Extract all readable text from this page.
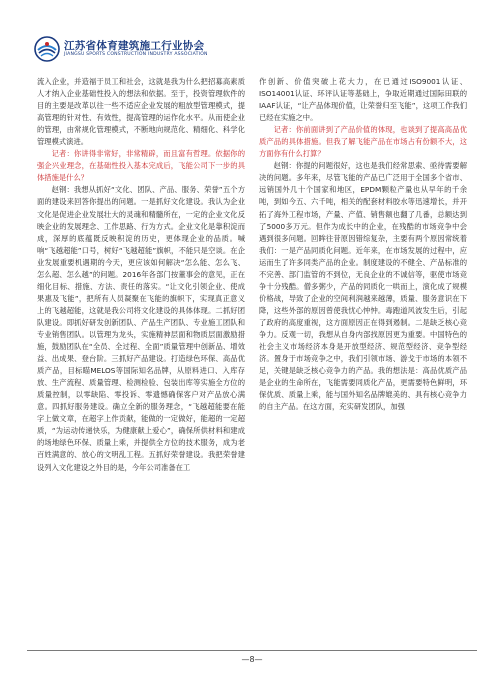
江苏省体育建筑施工行业协会
JIANGSU SPORTS CONSTRUCTION INDUSTRY ASSOCIATION

流入企业，并造福于员工和社会，这就是我为什么把招募高素质人才纳入企业基础性投入的想法和依据。至于，投资管理软件的目的主要是改革以往一些不适应企业发展的粗放型管理模式，提高管理的针对性、有效性，提高管理的运作化水平。从而使企业的管理，由常规化管理模式，不断地向规范化、精细化、科学化管理模式演进。

记者：你讲得非常好，非常精辟，而且富有哲理。依据你的强企兴业理念，在基础性投入基本完成后，飞能公司下一步的具体措施是什么？

赵钢：我想从抓好“文化、团队、产品、服务、荣誉”五个方面的建设来回答你提出的问题。一是抓好文化建设。我认为企业文化是促进企业发展壮大的灵魂和精髓所在，一定的企业文化反映企业的发展理念、工作思路、行为方式。企业文化是靠积淀而成，深厚的底蕴既反映积淀的历史，更体现企业的品质。喊响“飞越超能”口号，树好“飞越超能”旗帜，不能只是空谈。在企业发展重要机遇期的今天，更应该如何解决“怎么能、怎么飞、怎么超、怎么越”的问题。2016年各部门按董事会的意见，正在细化目标、措施、方法、责任的落实。“让文化引领企业、使成果惠及飞能”，把所有人员凝聚在飞能的旗帜下，实现真正意义上的飞越超能，这就是我公司将文化建设的具体体现。二抓好团队建设。即抓好研发创新团队、产品生产团队、专业施工团队和专业销售团队。以管理为龙头，实施精神层面和物质层面激励措施，鼓励团队在“全员、全过程、全面”质量管理中创新品、增效益、出成果、登台阶。三抓好产品建设。打造绿色环保、高品优质产品，目标瞄MELOS等国际知名品牌，从原料进口、入库存放、生产流程、质量管理、检测检验、包装出库等实施全方位的质量控制，以零缺陷、零投诉、零遗憾确保客户对产品放心满意。四抓好服务建设。确立全新的服务理念，“飞越超能要在能字上做文章，在超字上作贡献，能做的一定做好，能超的一定超质，“为运动传递快乐，为健康献上爱心”，确保所供材料和建成的场地绿色环保、质量上乘，并提供全方位的技术服务，成为老百姓满意的、放心的文明乱工程。五抓好荣誉建设。我把荣誉建设列入文化建设之外目的是，今年公司准备在工

作创新、价值突破上花大力，在已通过ISO9001认证、ISO14001认证、环评认证等基础上，争取近期通过国际田联的IAAF认证，“让产品体现价值，让荣誉归至飞能”，这项工作我们已经在实施之中。

记者：你前面讲到了产品价值的体现，也谈到了提高高品优质产品的具体措施。但我了解飞能产品在市场占有份额不大，这方面你有什么打算？

赵钢：你提的问题很好，这也是我们经常思索、亟待需要解决的问题。多年来，尽管飞能的产品已广泛用于全国多个省市、远销国外几十个国家和地区，EPDM颗粒产量也从早年的千余吨，到如今五、六千吨，相关的配套材料胶水等迅速增长，并开拓了海外工程市场，产量、产值、销售额也翻了几番，总额达到了5000多万元。但作为成长中的企业，在残酷的市场竞争中会遇到很多问题。回眸往昔原因错综复杂，主要有两个原因常统着我们：一是产品同质化问题。近年来，在市场发展的过程中，应运而生了许多同类产品的企业。制度建设的不健全、产品标准的不完善、部门监管的不到位，无良企业的不诚信等，驱使市场竞争十分残酷。僧多粥少，产品的同质化一哄而上，演化成了规模价格战，导致了企业的空间利润越来越薄，质量、服务意识在下降，这些外部的原因曾使我忧心忡忡。毒跑道风波发生后，引起了政府的高度重视，这方面原因正在得到遏制。二是缺乏核心竞争力。反观一切，我想从自身内部找原因更为重要。中国特色的社会主义市场经济本身是开放型经济、规范型经济、竞争型经济。置身于市场竞争之中，我们引领市场、游戈于市场的本领不足，关键是缺乏核心竞争力的产品。我的想法是：高品优质产品是企业的生命所在，飞能需要同质化产品，更需要特色鲜明，环保优质、质量上乘，能与国外知名品牌媲美的、具有核心竞争力的自主产品。在这方面，充实研发团队，加强

—8—
